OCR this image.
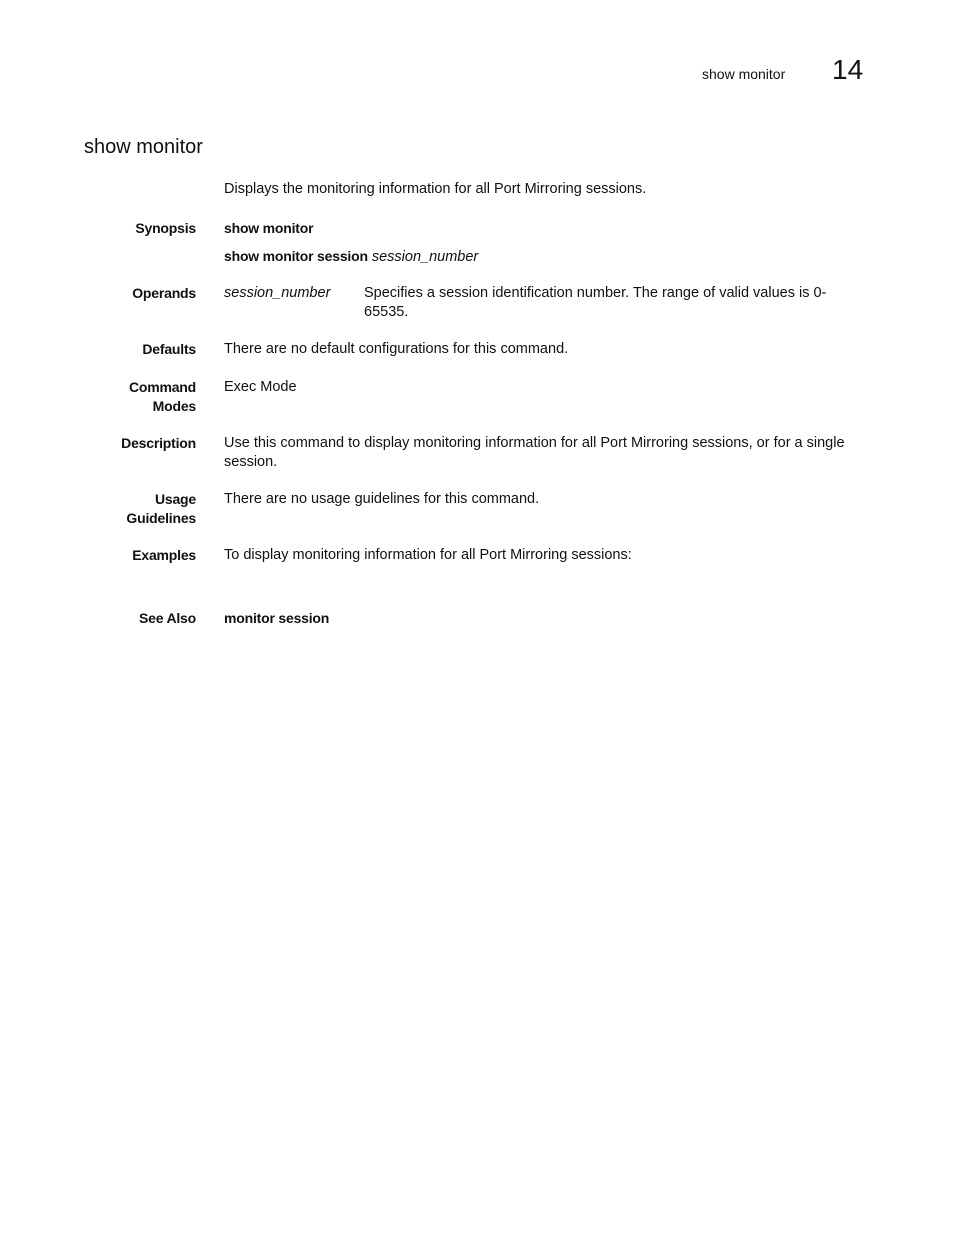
show monitor 14
show monitor
Displays the monitoring information for all Port Mirroring sessions.
Synopsis show monitor
show monitor session session_number
Operands session_number Specifies a session identification number. The range of valid values is 0-65535.
Defaults There are no default configurations for this command.
Command
Modes
Exec Mode
Description Use this command to display monitoring information for all Port Mirroring sessions, or for a single session.
Usage
Guidelines
There are no usage guidelines for this command.
Examples To display monitoring information for all Port Mirroring sessions:
See Also monitor session
